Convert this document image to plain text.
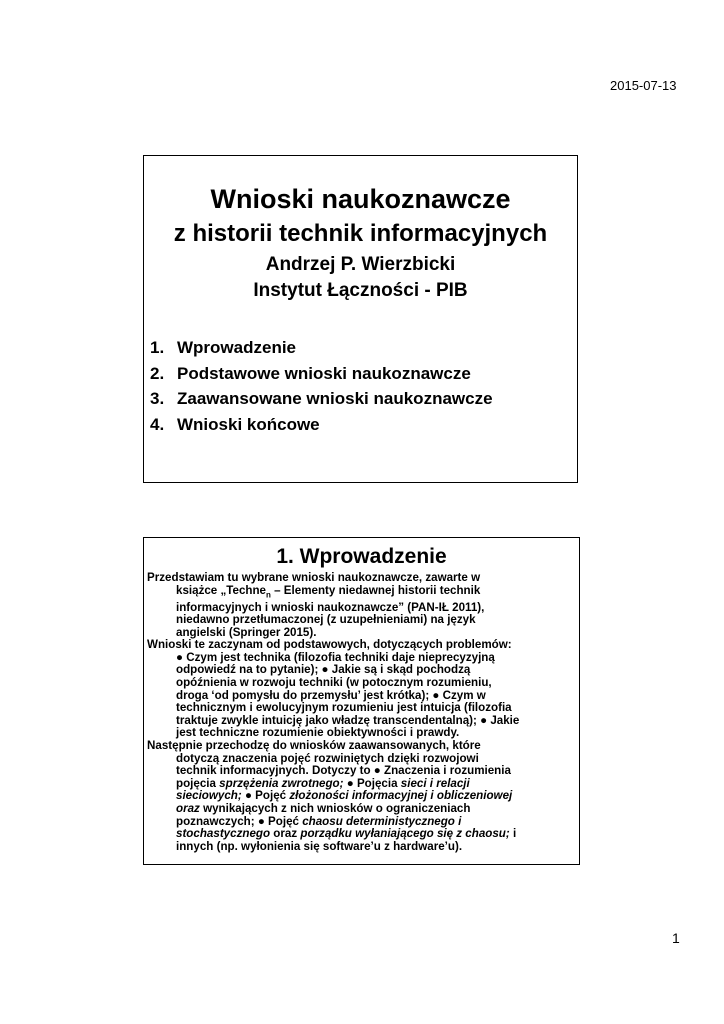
2015-07-13
Wnioski naukoznawcze
z historii technik informacyjnych
Andrzej P. Wierzbicki
Instytut Łączności - PIB
1. Wprowadzenie
2. Podstawowe wnioski naukoznawcze
3. Zaawansowane wnioski naukoznawcze
4. Wnioski końcowe
1. Wprowadzenie

Przedstawiam tu wybrane wnioski naukoznawcze, zawarte w
książce „Techne$_n$ – Elementy niedawnej historii technik
informacyjnych i wnioski naukoznawcze” (PAN-IŁ 2011),
niedawno przetłumaczonej (z uzupełnieniami) na język
angielski (Springer 2015).

Wnioski te zaczynam od podstawowych, dotyczących problemów:
● Czym jest technika (filozofia techniki daje nieprecyzyjną
odpowiedź na to pytanie); ● Jakie są i skąd pochodzą
opóźnienia w rozwoju techniki (w potocznym rozumieniu,
droga ‘od pomysłu do przemysłu’ jest krótka); ● Czym w
technicznym i ewolucyjnym rozumieniu jest intuicja (filozofia
traktuje zwykle intuicję jako władzę transcendentalną); ● Jakie
jest techniczne rozumienie obiektywności i prawdy.

Następnie przechodzę do wniosków zaawansowanych, które
dotyczą znaczenia pojęć rozwiniętych dzięki rozwojowi
technik informacyjnych. Dotyczy to ● Znaczenia i rozumienia
pojęcia sprzężenia zwrotnego; ● Pojęcia sieci i relacji
sieciowych; ● Pojęć złożoności informacyjnej i obliczeniowej
oraz wynikających z nich wniosków o ograniczeniach
poznawczych; ● Pojęć chaosu deterministycznego i
stochastycznego oraz porządku wyłaniającego się z chaosu; i
innych (np. wyłonienia się software’u z hardware’u).

1
